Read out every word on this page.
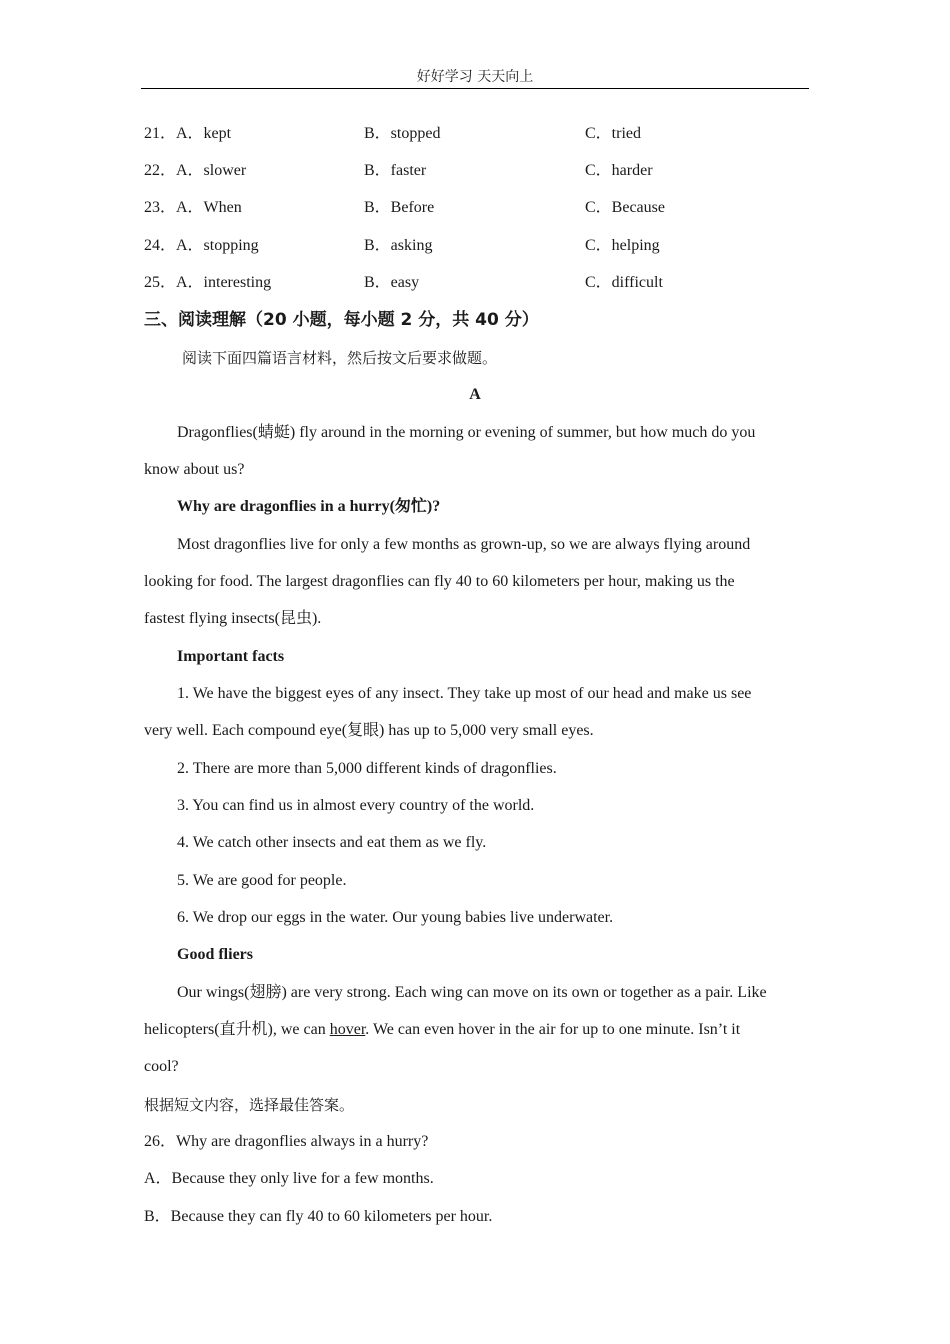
好好学习 天天向上
21．A．kept	B．stopped	C．tried
22．A．slower	B．faster	C．harder
23．A．When	B．Before	C．Because
24．A．stopping	B．asking	C．helping
25．A．interesting	B．easy	C．difficult
三、阅读理解（20 小题，每小题 2 分，共 40 分）
阅读下面四篇语言材料，然后按文后要求做题。
A
Dragonflies(蜻蜓) fly around in the morning or evening of summer, but how much do you
know about us?
Why are dragonflies in a hurry(匆忙)?
Most dragonflies live for only a few months as grown-up, so we are always flying around
looking for food. The largest dragonflies can fly 40 to 60 kilometers per hour, making us the
fastest flying insects(昆虫).
Important facts
1. We have the biggest eyes of any insect. They take up most of our head and make us see
very well. Each compound eye(复眼) has up to 5,000 very small eyes.
2. There are more than 5,000 different kinds of dragonflies.
3. You can find us in almost every country of the world.
4. We catch other insects and eat them as we fly.
5. We are good for people.
6. We drop our eggs in the water. Our young babies live underwater.
Good fliers
Our wings(翅膀) are very strong. Each wing can move on its own or together as a pair. Like
helicopters(直升机), we can hover. We can even hover in the air for up to one minute. Isn’t it
cool?
根据短文内容，选择最佳答案。
26．Why are dragonflies always in a hurry?
A．Because they only live for a few months.
B．Because they can fly 40 to 60 kilometers per hour.
